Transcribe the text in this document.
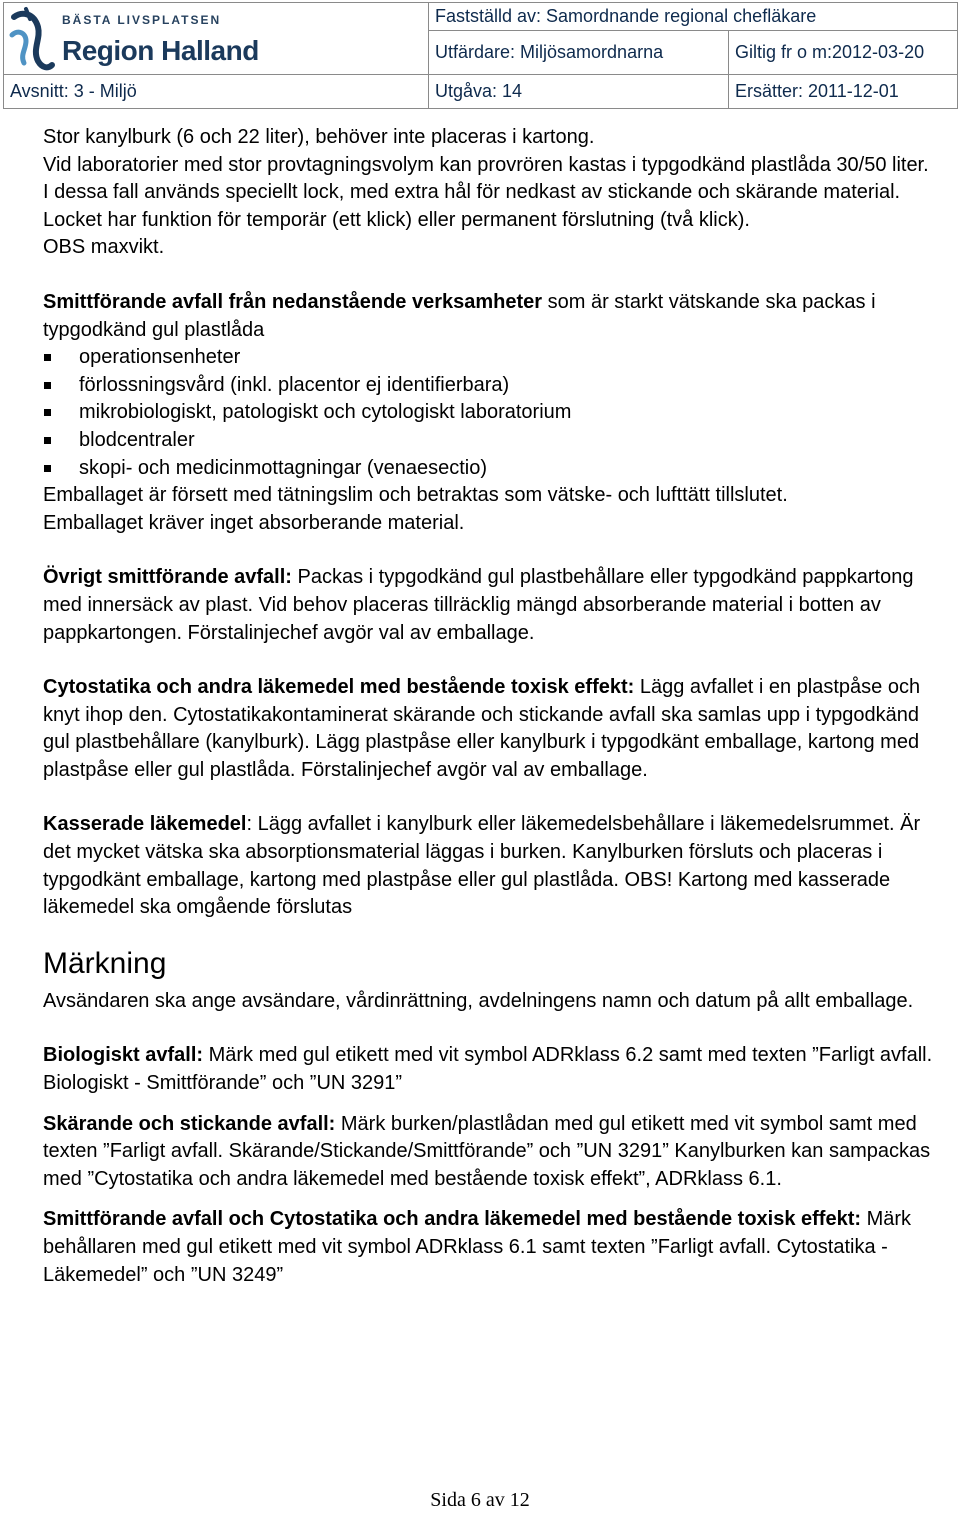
BÄSTA LIVSPLATSEN
Region Halland	Fastställd av: Samordnande regional chefläkare	
	Utfärdare: Miljösamordnarna	Giltig fr o m:2012-03-20
Avsnitt: 3 - Miljö	Utgåva: 14	Ersätter: 2011-12-01

Stor kanylburk (6 och 22 liter), behöver inte placeras i kartong.

Vid laboratorier med stor provtagningsvolym kan provrören kastas i typgodkänd plastlåda 30/50 liter.

I dessa fall används speciellt lock, med extra hål för nedkast av stickande och skärande material.

Locket har funktion för temporär (ett klick) eller permanent förslutning (två klick).

OBS maxvikt.

Smittförande avfall från nedanstående verksamheter som är starkt vätskande ska packas i typgodkänd gul plastlåda

operationsenheter
förlossningsvård (inkl. placentor ej identifierbara)
mikrobiologiskt, patologiskt och cytologiskt laboratorium
blodcentraler
skopi- och medicinmottagningar (venaesectio)

Emballaget är försett med tätningslim och betraktas som vätske- och lufttätt tillslutet.

Emballaget kräver inget absorberande material.

Övrigt smittförande avfall: Packas i typgodkänd gul plastbehållare eller typgodkänd pappkartong med innersäck av plast. Vid behov placeras tillräcklig mängd absorberande material i botten av pappkartongen. Förstalinjechef avgör val av emballage.

Cytostatika och andra läkemedel med bestående toxisk effekt: Lägg avfallet i en plastpåse och knyt ihop den. Cytostatikakontaminerat skärande och stickande avfall ska samlas upp i typgodkänd gul plastbehållare (kanylburk). Lägg plastpåse eller kanylburk i typgodkänt emballage, kartong med plastpåse eller gul plastlåda. Förstalinjechef avgör val av emballage.

Kasserade läkemedel: Lägg avfallet i kanylburk eller läkemedelsbehållare i läkemedelsrummet. Är det mycket vätska ska absorptionsmaterial läggas i burken. Kanylburken försluts och placeras i typgodkänt emballage, kartong med plastpåse eller gul plastlåda. OBS! Kartong med kasserade läkemedel ska omgående förslutas

Märkning

Avsändaren ska ange avsändare, vårdinrättning, avdelningens namn och datum på allt emballage.

Biologiskt avfall: Märk med gul etikett med vit symbol ADRklass 6.2 samt med texten ”Farligt avfall. Biologiskt - Smittförande” och ”UN 3291”

Skärande och stickande avfall: Märk burken/plastlådan med gul etikett med vit symbol samt med texten ”Farligt avfall. Skärande/Stickande/Smittförande” och ”UN 3291” Kanylburken kan sampackas med ”Cytostatika och andra läkemedel med bestående toxisk effekt”, ADRklass 6.1.

Smittförande avfall och Cytostatika och andra läkemedel med bestående toxisk effekt: Märk behållaren med gul etikett med vit symbol ADRklass 6.1 samt texten ”Farligt avfall. Cytostatika - Läkemedel” och ”UN 3249”

Sida 6 av 12
